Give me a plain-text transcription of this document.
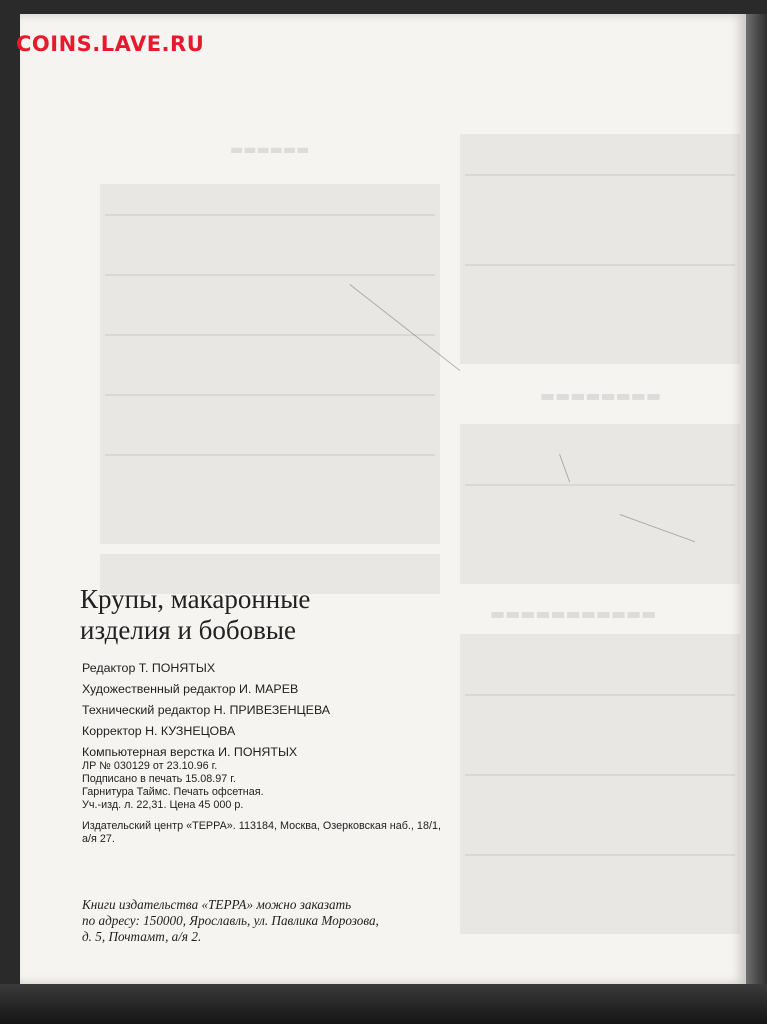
▬▬▬▬▬▬
▬▬▬▬▬▬▬▬
▬▬▬▬▬▬▬▬▬▬▬
COINS.LAVE.RU
Крупы, макаронные
изделия и бобовые
Редактор Т. ПОНЯТЫХ
Художественный редактор И. МАРЕВ
Технический редактор Н. ПРИВЕЗЕНЦЕВА
Корректор Н. КУЗНЕЦОВА
Компьютерная верстка И. ПОНЯТЫХ
ЛР № 030129 от 23.10.96 г.
Подписано в печать 15.08.97 г.
Гарнитура Таймс. Печать офсетная.
Уч.-изд. л. 22,31. Цена 45 000 р.
Издательский центр «ТЕРРА». 113184, Москва, Озерковская наб., 18/1, а/я 27.
Книги издательства «ТЕРРА» можно заказать
по адресу: 150000, Ярославль, ул. Павлика Морозова,
д. 5, Почтамт, а/я 2.
